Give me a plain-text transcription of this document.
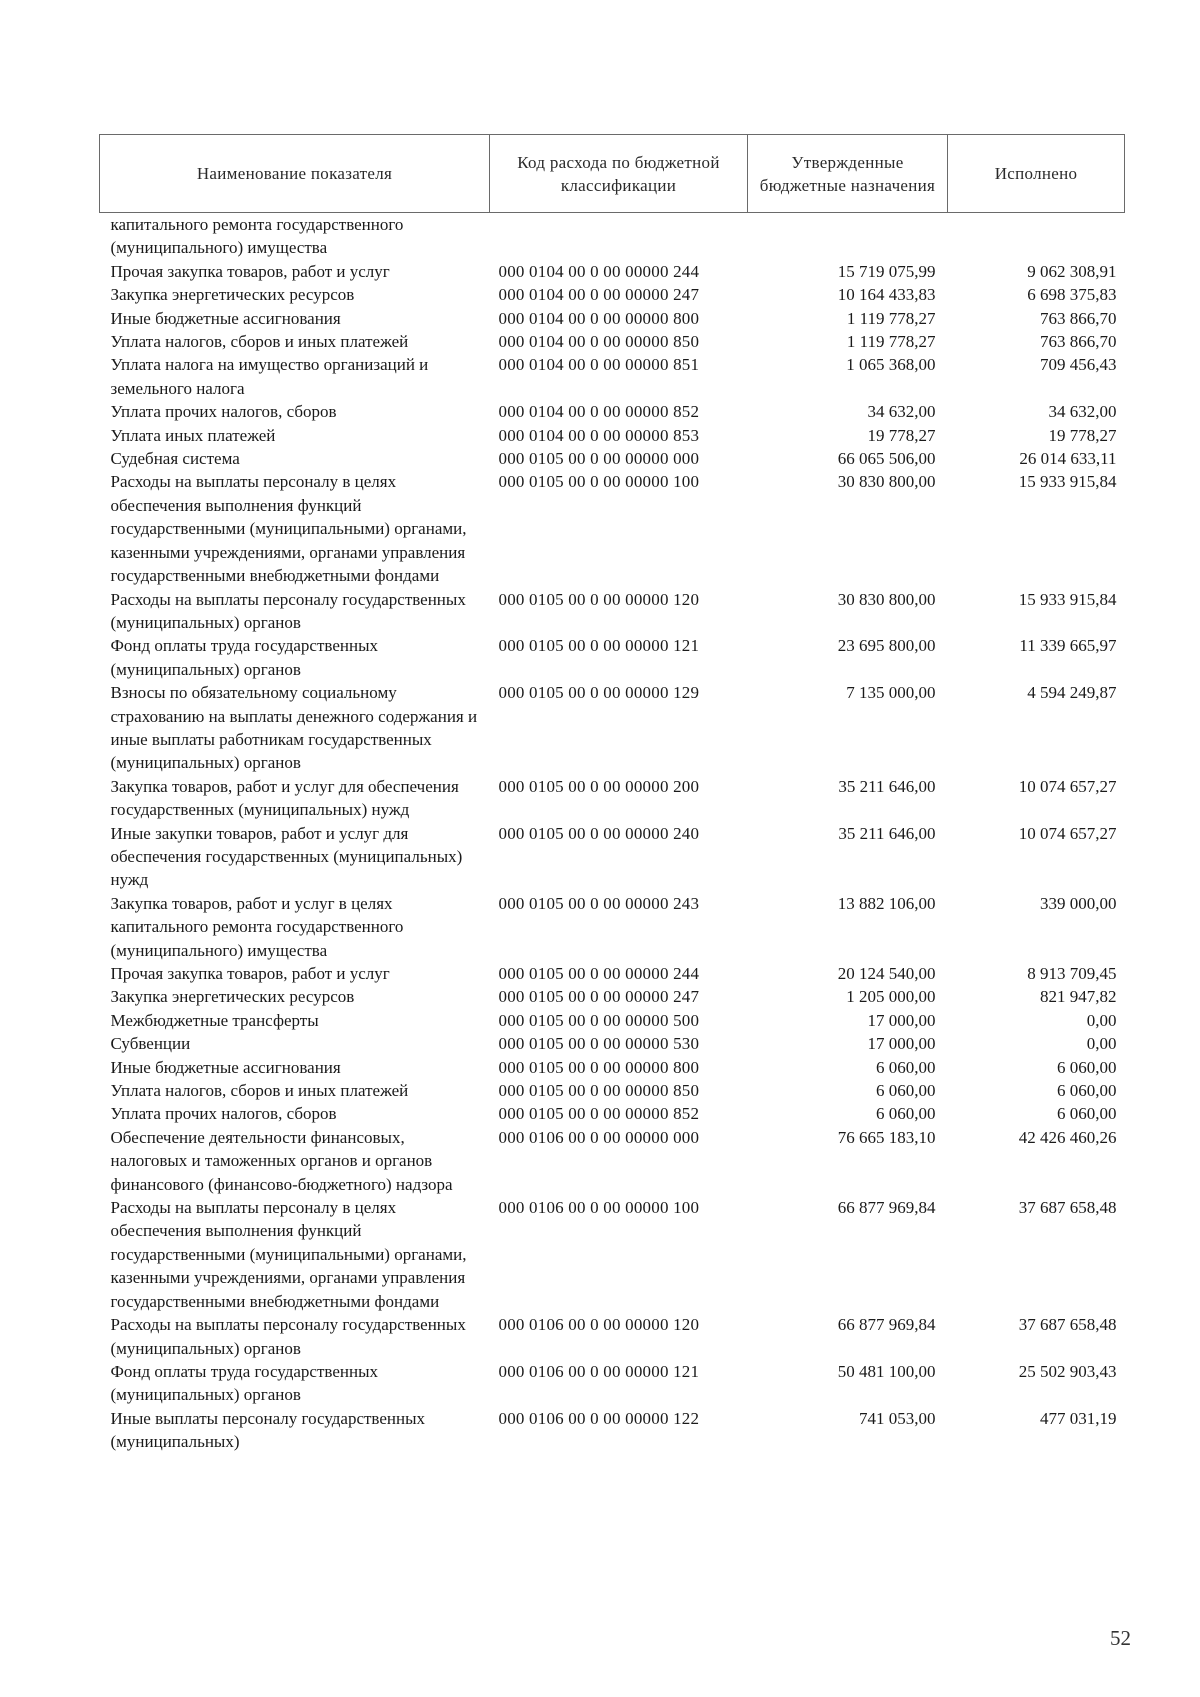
Наименование показателя	Код расхода по бюджетной классификации	Утвержденные бюджетные назначения	Исполнено
капитального ремонта государственного (муниципального) имущества			
Прочая закупка товаров, работ и услуг	000 0104 00 0 00 00000 244	15 719 075,99	9 062 308,91
Закупка энергетических ресурсов	000 0104 00 0 00 00000 247	10 164 433,83	6 698 375,83
Иные бюджетные ассигнования	000 0104 00 0 00 00000 800	1 119 778,27	763 866,70
Уплата налогов, сборов и иных платежей	000 0104 00 0 00 00000 850	1 119 778,27	763 866,70
Уплата налога на имущество организаций и земельного налога	000 0104 00 0 00 00000 851	1 065 368,00	709 456,43
Уплата прочих налогов, сборов	000 0104 00 0 00 00000 852	34 632,00	34 632,00
Уплата иных платежей	000 0104 00 0 00 00000 853	19 778,27	19 778,27
Судебная система	000 0105 00 0 00 00000 000	66 065 506,00	26 014 633,11
Расходы на выплаты персоналу в целях обеспечения выполнения функций государственными (муниципальными) органами, казенными учреждениями, органами управления государственными внебюджетными фондами	000 0105 00 0 00 00000 100	30 830 800,00	15 933 915,84
Расходы на выплаты персоналу государственных (муниципальных) органов	000 0105 00 0 00 00000 120	30 830 800,00	15 933 915,84
Фонд оплаты труда государственных (муниципальных) органов	000 0105 00 0 00 00000 121	23 695 800,00	11 339 665,97
Взносы по обязательному социальному страхованию на выплаты денежного содержания и иные выплаты работникам государственных (муниципальных) органов	000 0105 00 0 00 00000 129	7 135 000,00	4 594 249,87
Закупка товаров, работ и услуг для обеспечения государственных (муниципальных) нужд	000 0105 00 0 00 00000 200	35 211 646,00	10 074 657,27
Иные закупки товаров, работ и услуг для обеспечения государственных (муниципальных) нужд	000 0105 00 0 00 00000 240	35 211 646,00	10 074 657,27
Закупка товаров, работ и услуг в целях капитального ремонта государственного (муниципального) имущества	000 0105 00 0 00 00000 243	13 882 106,00	339 000,00
Прочая закупка товаров, работ и услуг	000 0105 00 0 00 00000 244	20 124 540,00	8 913 709,45
Закупка энергетических ресурсов	000 0105 00 0 00 00000 247	1 205 000,00	821 947,82
Межбюджетные трансферты	000 0105 00 0 00 00000 500	17 000,00	0,00
Субвенции	000 0105 00 0 00 00000 530	17 000,00	0,00
Иные бюджетные ассигнования	000 0105 00 0 00 00000 800	6 060,00	6 060,00
Уплата налогов, сборов и иных платежей	000 0105 00 0 00 00000 850	6 060,00	6 060,00
Уплата прочих налогов, сборов	000 0105 00 0 00 00000 852	6 060,00	6 060,00
Обеспечение деятельности финансовых, налоговых и таможенных органов и органов финансового (финансово-бюджетного) надзора	000 0106 00 0 00 00000 000	76 665 183,10	42 426 460,26
Расходы на выплаты персоналу в целях обеспечения выполнения функций государственными (муниципальными) органами, казенными учреждениями, органами управления государственными внебюджетными фондами	000 0106 00 0 00 00000 100	66 877 969,84	37 687 658,48
Расходы на выплаты персоналу государственных (муниципальных) органов	000 0106 00 0 00 00000 120	66 877 969,84	37 687 658,48
Фонд оплаты труда государственных (муниципальных) органов	000 0106 00 0 00 00000 121	50 481 100,00	25 502 903,43
Иные выплаты персоналу государственных (муниципальных)	000 0106 00 0 00 00000 122	741 053,00	477 031,19
52
